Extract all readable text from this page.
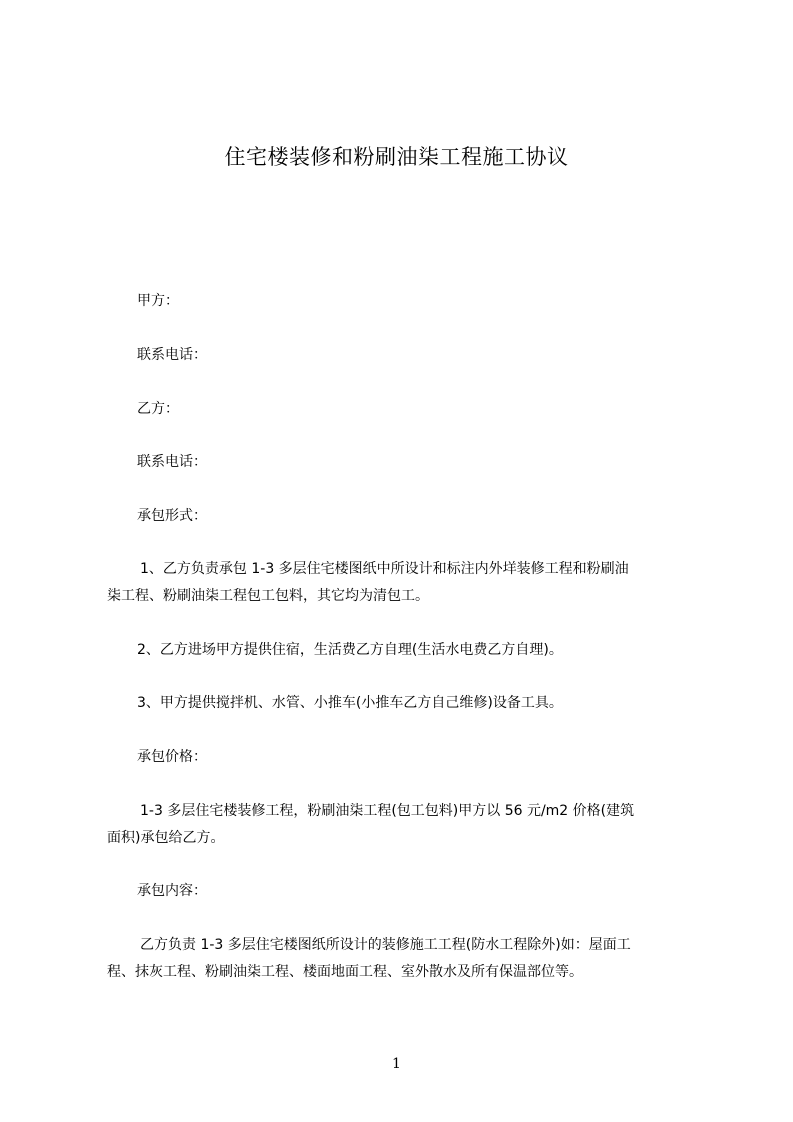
住宅楼装修和粉刷油柒工程施工协议
甲方：
联系电话：
乙方：
联系电话：
承包形式：
1、乙方负责承包 1-3 多层住宅楼图纸中所设计和标注内外垟装修工程和粉刷油
柒工程、粉刷油柒工程包工包料，其它均为清包工。
2、乙方进场甲方提供住宿，生活费乙方自理(生活水电费乙方自理)。
3、甲方提供搅拌机、水管、小推车(小推车乙方自己维修)设备工具。
承包价格：
1-3 多层住宅楼装修工程，粉刷油柒工程(包工包料)甲方以 56 元/m2 价格(建筑
面积)承包给乙方。
承包内容：
乙方负责 1-3 多层住宅楼图纸所设计的装修施工工程(防水工程除外)如：屋面工
程、抹灰工程、粉刷油柒工程、楼面地面工程、室外散水及所有保温部位等。
1
